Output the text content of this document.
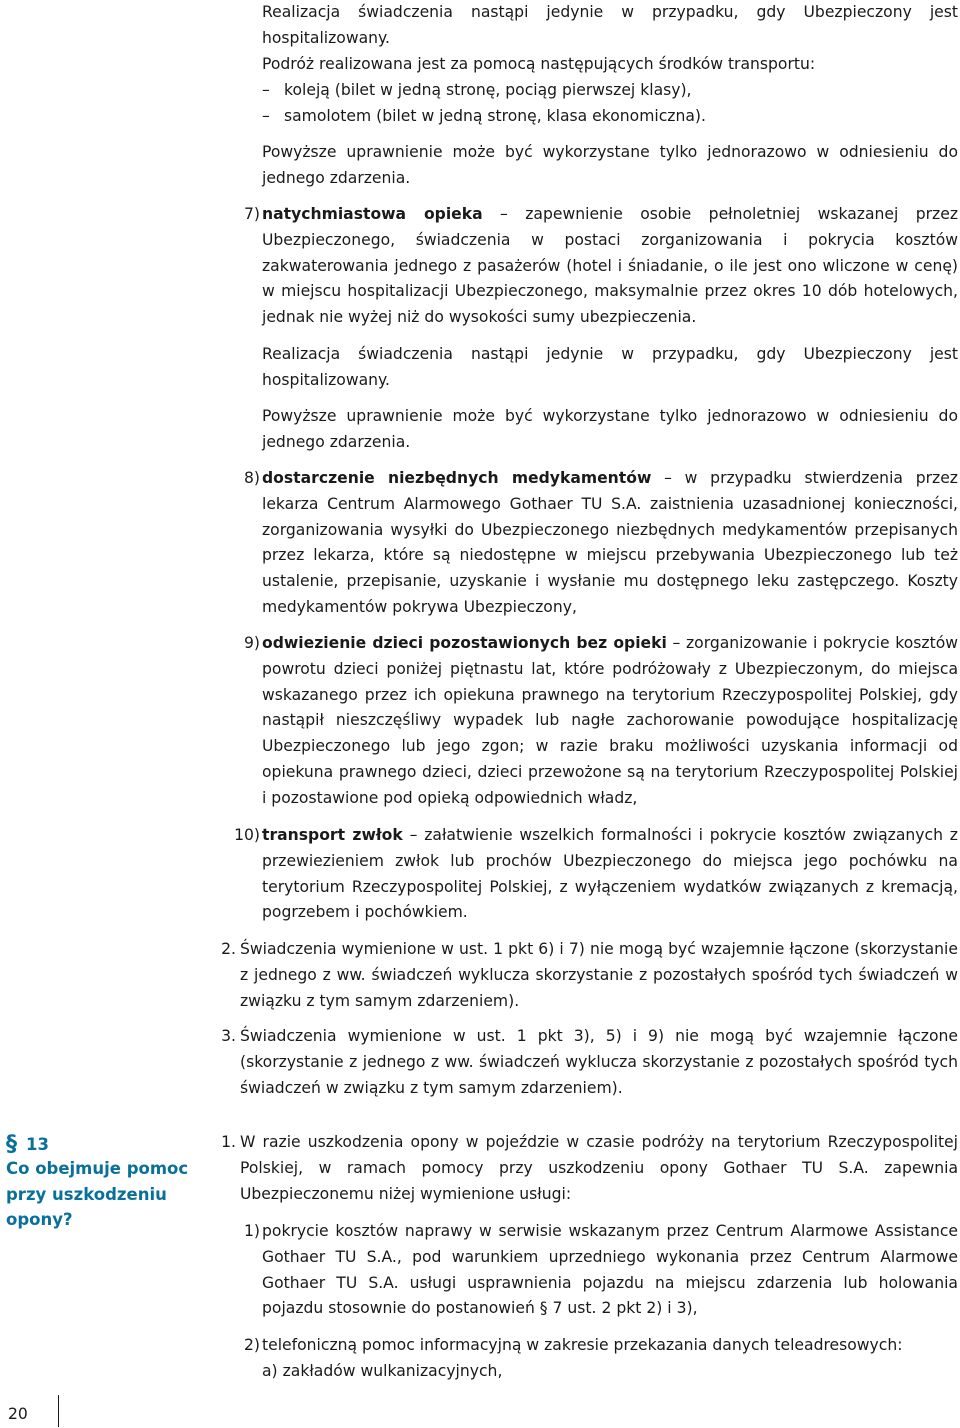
Realizacja świadczenia nastąpi jedynie w przypadku, gdy Ubezpieczony jest hospitalizowany.

Podróż realizowana jest za pomocą następujących środków transportu:

– koleją (bilet w jedną stronę, pociąg pierwszej klasy),
– samolotem (bilet w jedną stronę, klasa ekonomiczna).

Powyższe uprawnienie może być wykorzystane tylko jednorazowo w odniesieniu do jednego zdarzenia.

7) natychmiastowa opieka – zapewnienie osobie pełnoletniej wskazanej przez Ubezpieczonego, świadczenia w postaci zorganizowania i pokrycia kosztów zakwaterowania jednego z pasażerów (hotel i śniadanie, o ile jest ono wliczone w cenę) w miejscu hospitalizacji Ubezpieczonego, maksymalnie przez okres 10 dób hotelowych, jednak nie wyżej niż do wysokości sumy ubezpieczenia.

Realizacja świadczenia nastąpi jedynie w przypadku, gdy Ubezpieczony jest hospitalizowany.

Powyższe uprawnienie może być wykorzystane tylko jednorazowo w odniesieniu do jednego zdarzenia.

8) dostarczenie niezbędnych medykamentów – w przypadku stwierdzenia przez lekarza Centrum Alarmowego Gothaer TU S.A. zaistnienia uzasadnionej konieczności, zorganizowania wysyłki do Ubezpieczonego niezbędnych medykamentów przepisanych przez lekarza, które są niedostępne w miejscu przebywania Ubezpieczonego lub też ustalenie, przepisanie, uzyskanie i wysłanie mu dostępnego leku zastępczego. Koszty medykamentów pokrywa Ubezpieczony,

9) odwiezienie dzieci pozostawionych bez opieki – zorganizowanie i pokrycie kosztów powrotu dzieci poniżej piętnastu lat, które podróżowały z Ubezpieczonym, do miejsca wskazanego przez ich opiekuna prawnego na terytorium Rzeczypospolitej Polskiej, gdy nastąpił nieszczęśliwy wypadek lub nagłe zachorowanie powodujące hospitalizację Ubezpieczonego lub jego zgon; w razie braku możliwości uzyskania informacji od opiekuna prawnego dzieci, dzieci przewożone są na terytorium Rzeczypospolitej Polskiej i pozostawione pod opieką odpowiednich władz,

10) transport zwłok – załatwienie wszelkich formalności i pokrycie kosztów związanych z przewiezieniem zwłok lub prochów Ubezpieczonego do miejsca jego pochówku na terytorium Rzeczypospolitej Polskiej, z wyłączeniem wydatków związanych z kremacją, pogrzebem i pochówkiem.

2. Świadczenia wymienione w ust. 1 pkt 6) i 7) nie mogą być wzajemnie łączone (skorzystanie z jednego z ww. świadczeń wyklucza skorzystanie z pozostałych spośród tych świadczeń w związku z tym samym zdarzeniem).

3. Świadczenia wymienione w ust. 1 pkt 3), 5) i 9) nie mogą być wzajemnie łączone (skorzystanie z jednego z ww. świadczeń wyklucza skorzystanie z pozostałych spośród tych świadczeń w związku z tym samym zdarzeniem).

§ 13
Co obejmuje pomoc przy uszkodzeniu opony?
1. W razie uszkodzenia opony w pojeździe w czasie podróży na terytorium Rzeczypospolitej Polskiej, w ramach pomocy przy uszkodzeniu opony Gothaer TU S.A. zapewnia Ubezpieczonemu niżej wymienione usługi:

1) pokrycie kosztów naprawy w serwisie wskazanym przez Centrum Alarmowe Assistance Gothaer TU S.A., pod warunkiem uprzedniego wykonania przez Centrum Alarmowe Gothaer TU S.A. usługi usprawnienia pojazdu na miejscu zdarzenia lub holowania pojazdu stosownie do postanowień § 7 ust. 2 pkt 2) i 3),

2) telefoniczną pomoc informacyjną w zakresie przekazania danych teleadresowych:

a) zakładów wulkanizacyjnych,

20
